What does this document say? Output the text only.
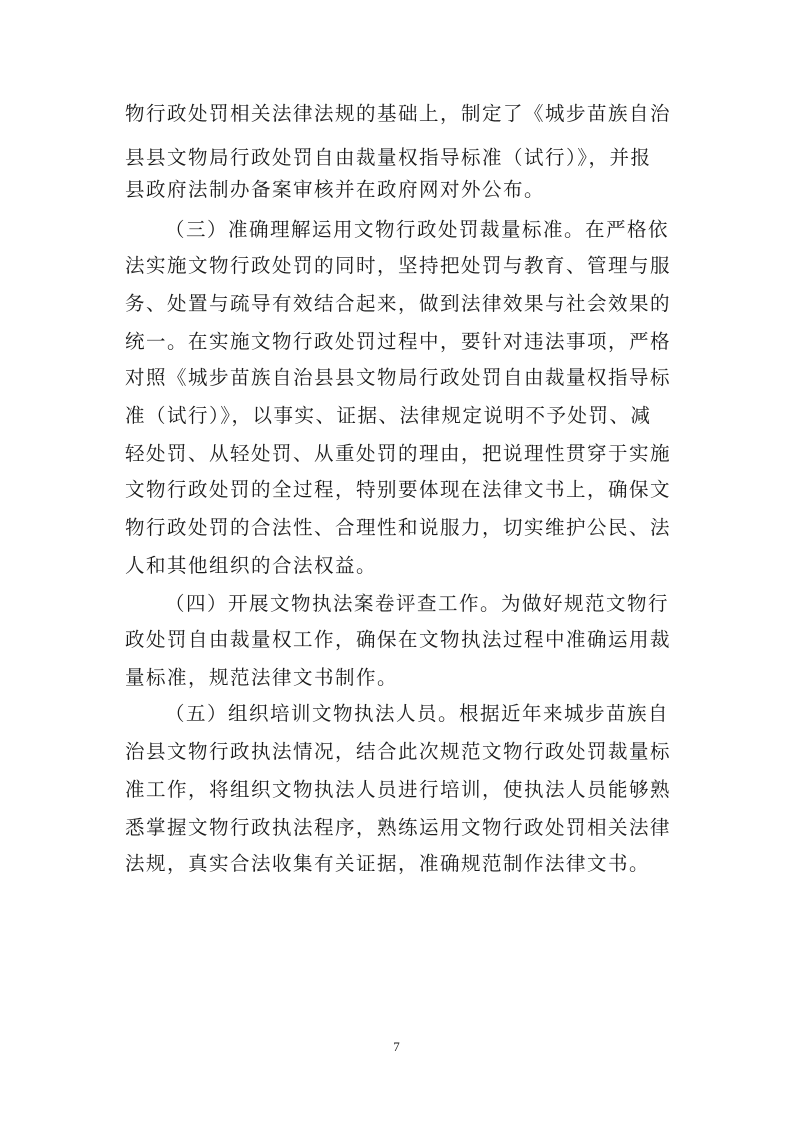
物行政处罚相关法律法规的基础上，制定了《城步苗族自治
县县文物局行政处罚自由裁量权指导标准（试行）》，并报
县政府法制办备案审核并在政府网对外公布。
（三）准确理解运用文物行政处罚裁量标准。在严格依
法实施文物行政处罚的同时，坚持把处罚与教育、管理与服
务、处置与疏导有效结合起来，做到法律效果与社会效果的
统一。在实施文物行政处罚过程中，要针对违法事项，严格
对照《城步苗族自治县县文物局行政处罚自由裁量权指导标
准（试行）》，以事实、证据、法律规定说明不予处罚、减
轻处罚、从轻处罚、从重处罚的理由，把说理性贯穿于实施
文物行政处罚的全过程，特别要体现在法律文书上，确保文
物行政处罚的合法性、合理性和说服力，切实维护公民、法
人和其他组织的合法权益。
（四）开展文物执法案卷评查工作。为做好规范文物行
政处罚自由裁量权工作，确保在文物执法过程中准确运用裁
量标准，规范法律文书制作。
（五）组织培训文物执法人员。根据近年来城步苗族自
治县文物行政执法情况，结合此次规范文物行政处罚裁量标
准工作，将组织文物执法人员进行培训，使执法人员能够熟
悉掌握文物行政执法程序，熟练运用文物行政处罚相关法律
法规，真实合法收集有关证据，准确规范制作法律文书。
7
